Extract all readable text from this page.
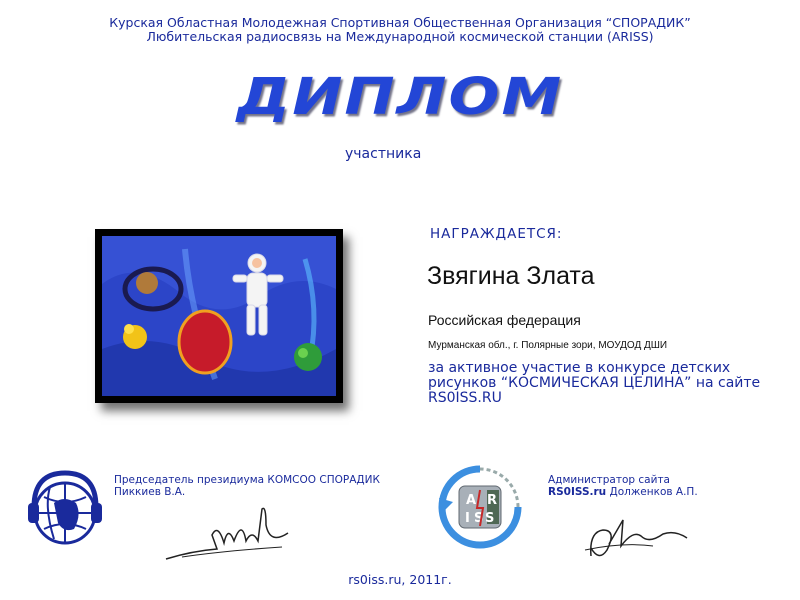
Курская Областная Молодежная Спортивная Общественная Организация “СПОРАДИК”
Любительская радиосвязь на Международной космической станции (ARISS)
ДИПЛОМ
участника
НАГРАЖДАЕТСЯ:
Звягина Злата
Российская федерация
Мурманская обл., г. Полярные зори, МОУДОД ДШИ
за активное участие в конкурсе детских рисунков “КОСМИЧЕСКАЯ ЦЕЛИНА” на сайте RS0ISS.RU
Председатель президиума КОМСОО СПОРАДИК Пиккиев В.А.
A R
I S S
Администратор сайта
RS0ISS.ru Долженков А.П.
rs0iss.ru, 2011г.
